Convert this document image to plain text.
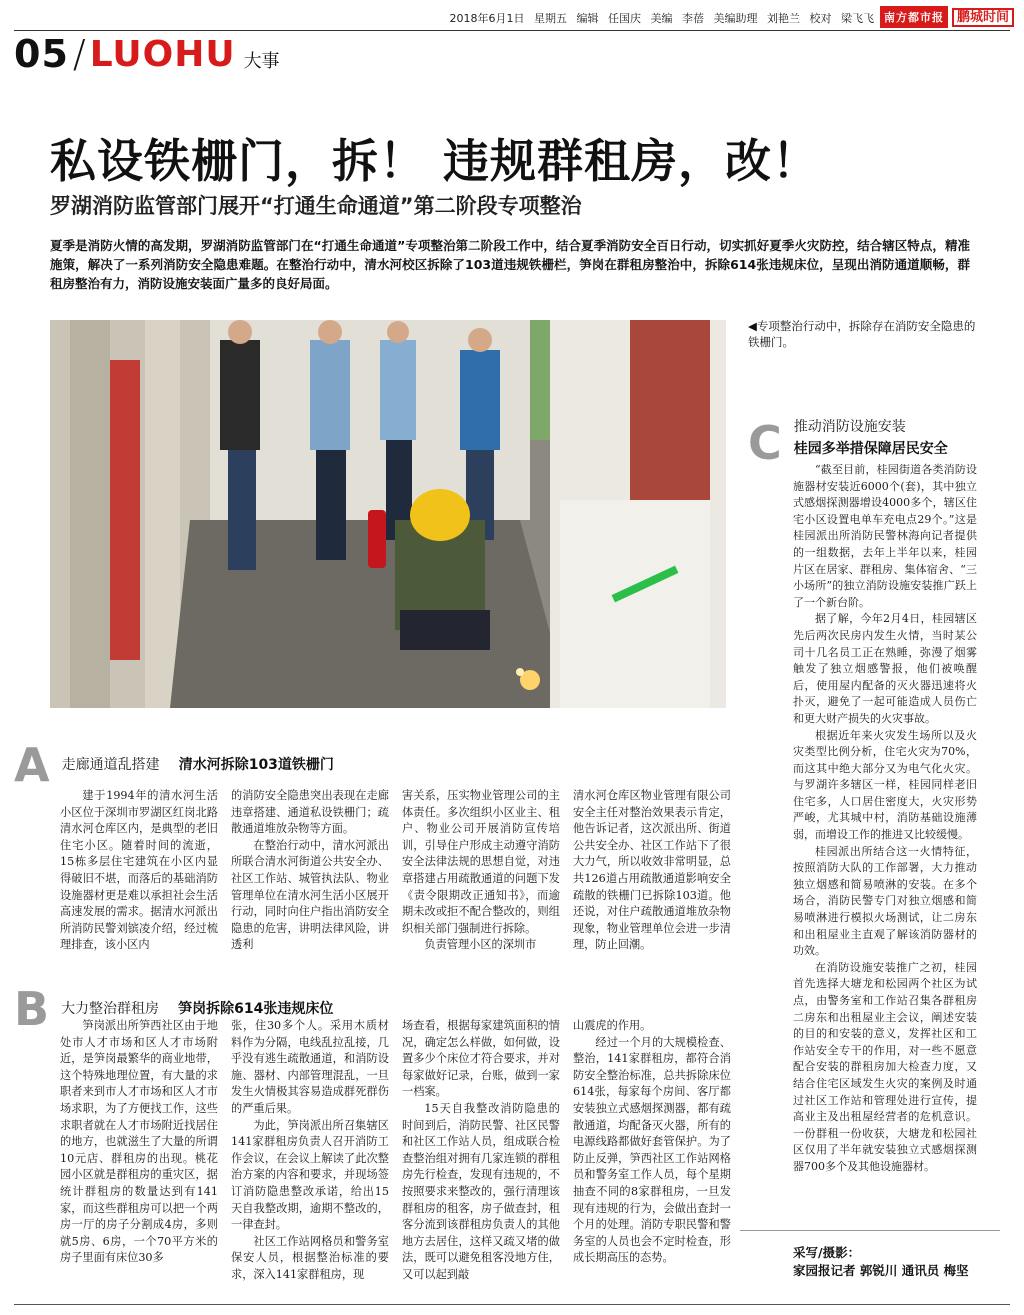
2018年6月1日 星期五 编辑 任国庆 美编 李蓓 美编助理 刘艳兰 校对 梁飞飞 南方都市报	鹏城时间
05 / LUOHU 大事
私设铁栅门，拆！ 违规群租房，改！
罗湖消防监管部门展开“打通生命通道”第二阶段专项整治

夏季是消防火情的高发期，罗湖消防监管部门在“打通生命通道”专项整治第二阶段工作中，结合夏季消防安全百日行动，切实抓好夏季火灾防控，结合辖区特点，精准施策，解决了一系列消防安全隐患难题。在整治行动中，清水河校区拆除了103道违规铁栅栏，笋岗在群租房整治中，拆除614张违规床位，呈现出消防通道顺畅，群租房整治有力，消防设施安装面广量多的良好局面。

◀专项整治行动中，拆除存在消防安全隐患的铁栅门。

A 走廊通道乱搭建 清水河拆除103道铁栅门

建于1994年的清水河生活小区位于深圳市罗湖区红岗北路清水河仓库区内，是典型的老旧住宅小区。随着时间的流逝，15栋多层住宅建筑在小区内显得破旧不堪，而落后的基础消防设施器材更是难以承担社会生活高速发展的需求。据清水河派出所消防民警刘镔凌介绍，经过梳理排查，该小区内

的消防安全隐患突出表现在走廊违章搭建、通道私设铁栅门；疏散通道堆放杂物等方面。

在整治行动中，清水河派出所联合清水河街道公共安全办、社区工作站、城管执法队、物业管理单位在清水河生活小区展开行动，同时向住户指出消防安全隐患的危害，讲明法律风险，讲透利

害关系，压实物业管理公司的主体责任。多次组织小区业主、租户、物业公司开展消防宣传培训，引导住户形成主动遵守消防安全法律法规的思想自觉，对违章搭建占用疏散通道的问题下发《责令限期改正通知书》，而逾期未改或拒不配合整改的，则组织相关部门强制进行拆除。

负责管理小区的深圳市

清水河仓库区物业管理有限公司安全主任对整治效果表示肯定，他告诉记者，这次派出所、街道公共安全办、社区工作站下了很大力气，所以收效非常明显，总共126道占用疏散通道影响安全疏散的铁栅门已拆除103道。他还说，对住户疏散通道堆放杂物现象，物业管理单位会进一步清理，防止回潮。

B 大力整治群租房 笋岗拆除614张违规床位

笋岗派出所笋西社区由于地处市人才市场和区人才市场附近，是笋岗最繁华的商业地带，这个特殊地理位置，有大量的求职者来到市人才市场和区人才市场求职，为了方便找工作，这些求职者就在人才市场附近找居住的地方，也就滋生了大量的所谓10元店、群租房的出现。桃花园小区就是群租房的重灾区，据统计群租房的数量达到有141家，而这些群租房可以把一个两房一厅的房子分割成4房，多则就5房、6房，一个70平方米的房子里面有床位30多

张，住30多个人。采用木质材料作为分隔，电线乱拉乱接，几乎没有逃生疏散通道，和消防设施、器材、内部管理混乱，一旦发生火情极其容易造成群死群伤的严重后果。

为此，笋岗派出所召集辖区141家群租房负责人召开消防工作会议，在会议上解读了此次整治方案的内容和要求，并现场签订消防隐患整改承诺，给出15天自我整改期，逾期不整改的，一律查封。

社区工作站网格员和警务室保安人员，根据整治标准的要求，深入141家群租房，现

场查看，根据每家建筑面积的情况，确定怎么样做，如何做，设置多少个床位才符合要求，并对每家做好记录，台账，做到一家一档案。

15天自我整改消防隐患的时间到后，消防民警、社区民警和社区工作站人员，组成联合检查整治组对拥有几家连锁的群租房先行检查，发现有违规的，不按照要求来整改的，强行清理该群租房的租客，房子做查封，租客分流到该群租房负责人的其他地方去居住，这样又疏又堵的做法，既可以避免租客没地方住，又可以起到敲

山震虎的作用。

经过一个月的大规模检查、整治，141家群租房，都符合消防安全整治标准，总共拆除床位614张，每家每个房间、客厅都安装独立式感烟探测器，都有疏散通道，均配备灭火器，所有的电源线路都做好套管保护。为了防止反弹，笋西社区工作站网格员和警务室工作人员，每个星期抽查不同的8家群租房，一旦发现有违规的行为，会做出查封一个月的处理。消防专职民警和警务室的人员也会不定时检查，形成长期高压的态势。

C 推动消防设施安装
桂园多举措保障居民安全

“截至目前，桂园街道各类消防设施器材安装近6000个(套)，其中独立式感烟探测器增设4000多个，辖区住宅小区设置电单车充电点29个。”这是桂园派出所消防民警林海向记者提供的一组数据，去年上半年以来，桂园片区在居家、群租房、集体宿舍、“三小场所”的独立消防设施安装推广跃上了一个新台阶。

据了解，今年2月4日，桂园辖区先后两次民房内发生火情，当时某公司十几名员工正在熟睡，弥漫了烟雾触发了独立烟感警报，他们被唤醒后，使用屋内配备的灭火器迅速将火扑灭，避免了一起可能造成人员伤亡和更大财产损失的火灾事故。

根据近年来火灾发生场所以及火灾类型比例分析，住宅火灾为70%，而这其中绝大部分又为电气化火灾。与罗湖许多辖区一样，桂园同样老旧住宅多，人口居住密度大，火灾形势严峻，尤其城中村，消防基础设施薄弱，而增设工作的推进又比较缓慢。

桂园派出所结合这一火情特征，按照消防大队的工作部署，大力推动独立烟感和简易喷淋的安装。在多个场合，消防民警专门对独立烟感和简易喷淋进行模拟火场测试，让二房东和出租屋业主直观了解该消防器材的功效。

在消防设施安装推广之初，桂园首先选择大塘龙和松园两个社区为试点，由警务室和工作站召集各群租房二房东和出租屋业主会议，阐述安装的目的和安装的意义，发挥社区和工作站安全专干的作用，对一些不愿意配合安装的群租房加大检查力度，又结合住宅区域发生火灾的案例及时通过社区工作站和管理处进行宣传，提高业主及出租屋经营者的危机意识。一份群租一份收获，大塘龙和松园社区仅用了半年就安装独立式感烟探测器700多个及其他设施器材。

采写/摄影：
家园报记者 郭锐川 通讯员 梅坚
